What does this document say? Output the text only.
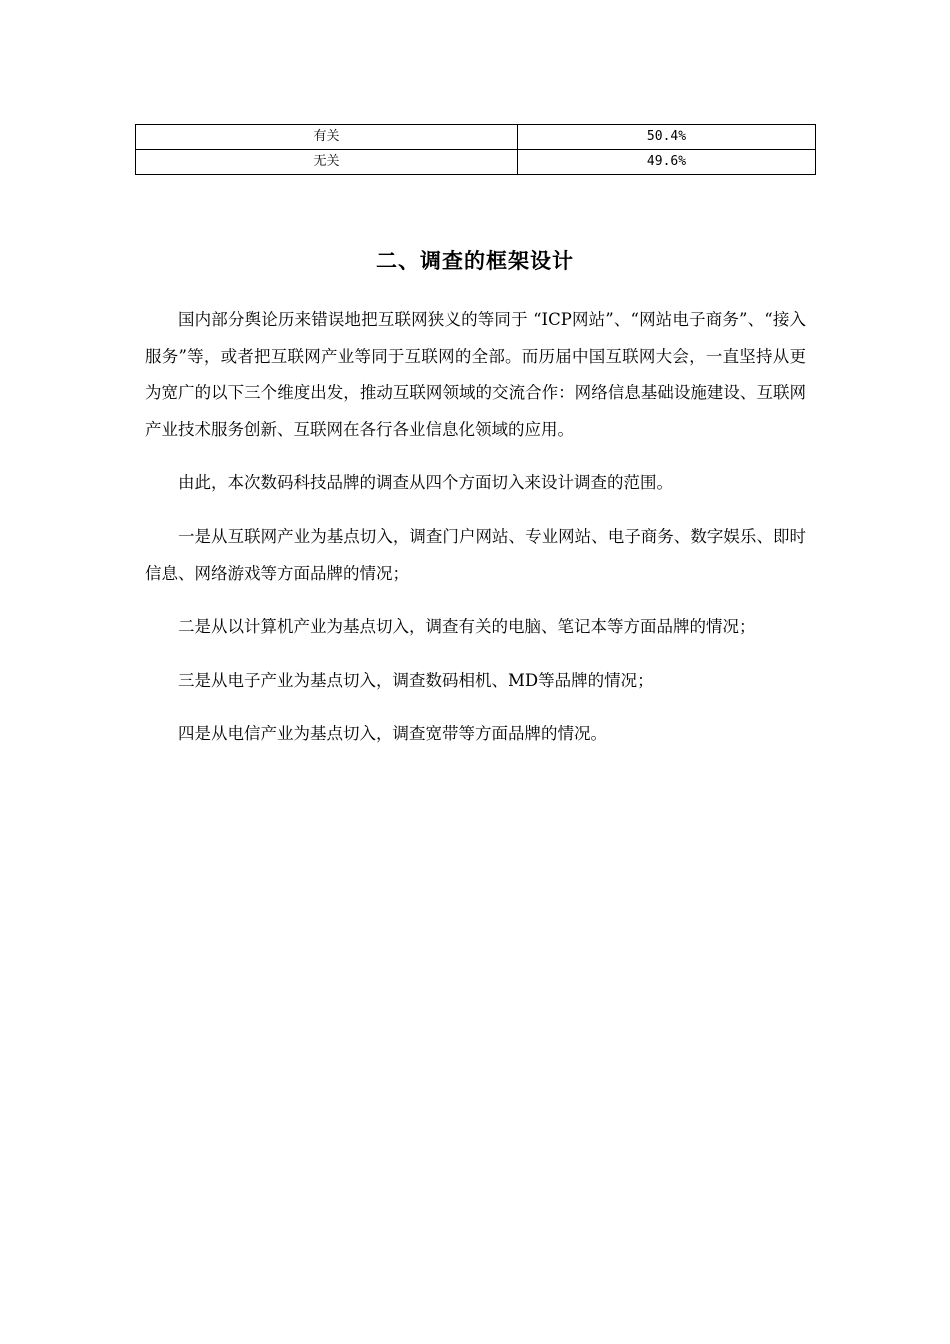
有关	50.4%
无关	49.6%
二、调查的框架设计

国内部分舆论历来错误地把互联网狭义的等同于 “ICP网站”、“网站电子商务”、“接入服务”等，或者把互联网产业等同于互联网的全部。而历届中国互联网大会，一直坚持从更为宽广的以下三个维度出发，推动互联网领域的交流合作：网络信息基础设施建设、互联网产业技术服务创新、互联网在各行各业信息化领域的应用。

由此，本次数码科技品牌的调查从四个方面切入来设计调查的范围。

一是从互联网产业为基点切入，调查门户网站、专业网站、电子商务、数字娱乐、即时信息、网络游戏等方面品牌的情况；

二是从以计算机产业为基点切入，调查有关的电脑、笔记本等方面品牌的情况；

三是从电子产业为基点切入，调查数码相机、MD等品牌的情况；

四是从电信产业为基点切入，调查宽带等方面品牌的情况。
